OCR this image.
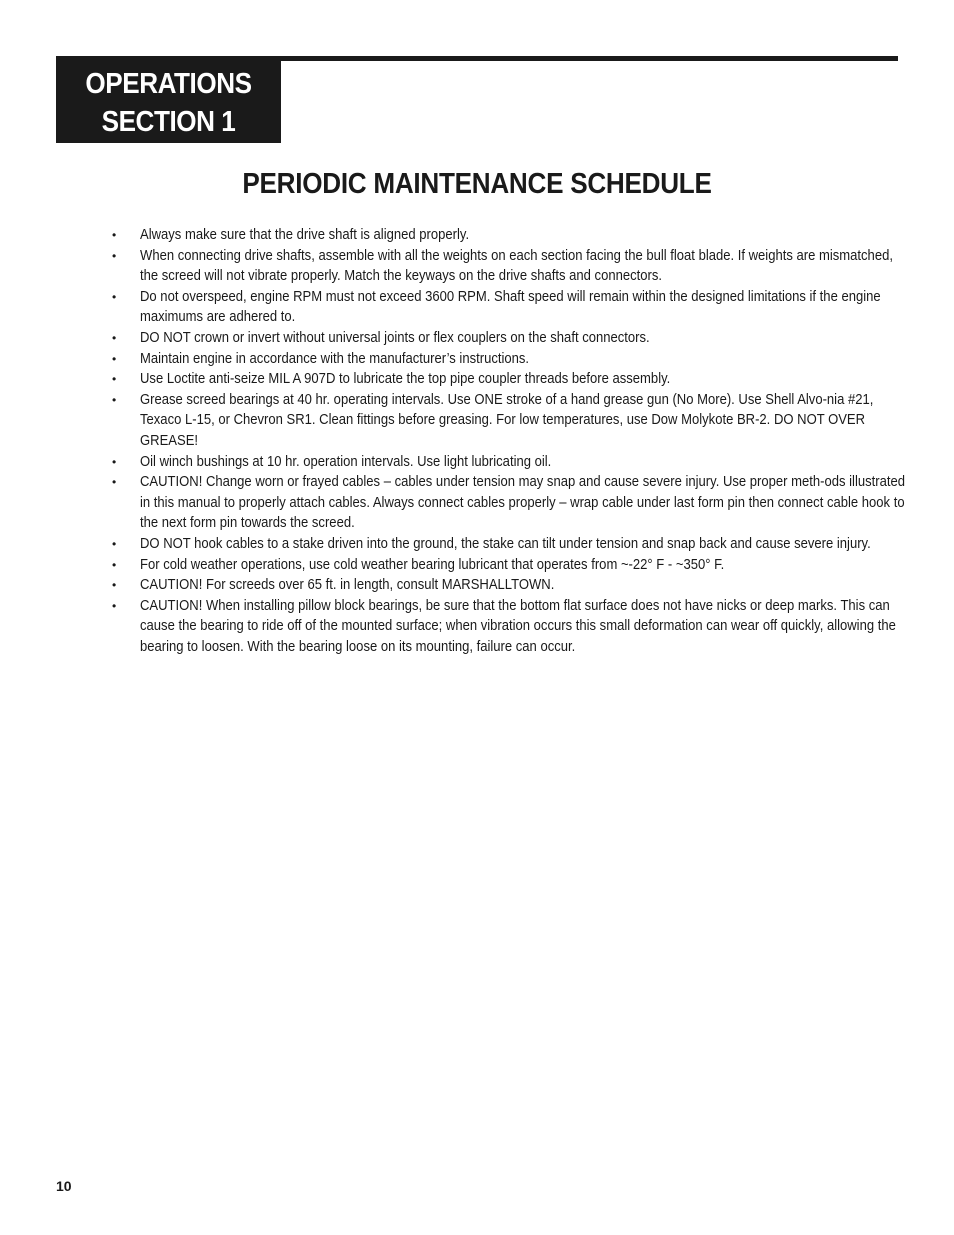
OPERATIONS
SECTION 1
PERIODIC MAINTENANCE SCHEDULE
• Always make sure that the drive shaft is aligned properly.
• When connecting drive shafts, assemble with all the weights on each section facing the bull float blade. If weights are mismatched, the screed will not vibrate properly. Match the keyways on the drive shafts and connectors.
• Do not overspeed, engine RPM must not exceed 3600 RPM. Shaft speed will remain within the designed limitations if the engine maximums are adhered to.
• DO NOT crown or invert without universal joints or flex couplers on the shaft connectors.
• Maintain engine in accordance with the manufacturer’s instructions.
• Use Loctite anti-seize MIL A 907D to lubricate the top pipe coupler threads before assembly.
• Grease screed bearings at 40 hr. operating intervals. Use ONE stroke of a hand grease gun (No More). Use Shell Alvo-nia #21, Texaco L-15, or Chevron SR1. Clean fittings before greasing. For low temperatures, use Dow Molykote BR-2. DO NOT OVER GREASE!
• Oil winch bushings at 10 hr. operation intervals. Use light lubricating oil.
• CAUTION! Change worn or frayed cables – cables under tension may snap and cause severe injury. Use proper meth-ods illustrated in this manual to properly attach cables. Always connect cables properly – wrap cable under last form pin then connect cable hook to the next form pin towards the screed.
• DO NOT hook cables to a stake driven into the ground, the stake can tilt under tension and snap back and cause severe injury.
• For cold weather operations, use cold weather bearing lubricant that operates from ~-22° F - ~350° F.
• CAUTION! For screeds over 65 ft. in length, consult MARSHALLTOWN.
• CAUTION! When installing pillow block bearings, be sure that the bottom flat surface does not have nicks or deep marks. This can cause the bearing to ride off of the mounted surface; when vibration occurs this small deformation can wear off quickly, allowing the bearing to loosen. With the bearing loose on its mounting, failure can occur.
10
